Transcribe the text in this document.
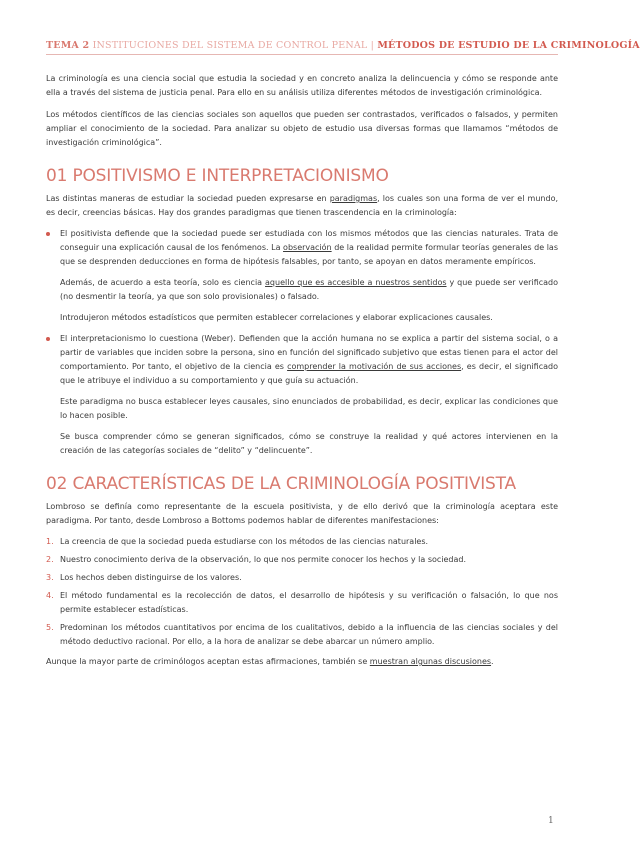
TEMA 2 INSTITUCIONES DEL SISTEMA DE CONTROL PENAL | MÉTODOS DE ESTUDIO DE LA CRIMINOLOGÍA

La criminología es una ciencia social que estudia la sociedad y en concreto analiza la delincuencia y cómo se responde ante ella a través del sistema de justicia penal. Para ello en su análisis utiliza diferentes métodos de investigación criminológica.

Los métodos científicos de las ciencias sociales son aquellos que pueden ser contrastados, verificados o falsados, y permiten ampliar el conocimiento de la sociedad. Para analizar su objeto de estudio usa diversas formas que llamamos “métodos de investigación criminológica”.

01 POSITIVISMO E INTERPRETACIONISMO

Las distintas maneras de estudiar la sociedad pueden expresarse en paradigmas, los cuales son una forma de ver el mundo, es decir, creencias básicas. Hay dos grandes paradigmas que tienen trascendencia en la criminología:

El positivista defiende que la sociedad puede ser estudiada con los mismos métodos que las ciencias naturales. Trata de conseguir una explicación causal de los fenómenos. La observación de la realidad permite formular teorías generales de las que se desprenden deducciones en forma de hipótesis falsables, por tanto, se apoyan en datos meramente empíricos.

Además, de acuerdo a esta teoría, solo es ciencia aquello que es accesible a nuestros sentidos y que puede ser verificado (no desmentir la teoría, ya que son solo provisionales) o falsado.

Introdujeron métodos estadísticos que permiten establecer correlaciones y elaborar explicaciones causales.

El interpretacionismo lo cuestiona (Weber). Defienden que la acción humana no se explica a partir del sistema social, o a partir de variables que inciden sobre la persona, sino en función del significado subjetivo que estas tienen para el actor del comportamiento. Por tanto, el objetivo de la ciencia es comprender la motivación de sus acciones, es decir, el significado que le atribuye el individuo a su comportamiento y que guía su actuación.

Este paradigma no busca establecer leyes causales, sino enunciados de probabilidad, es decir, explicar las condiciones que lo hacen posible.

Se busca comprender cómo se generan significados, cómo se construye la realidad y qué actores intervienen en la creación de las categorías sociales de “delito” y “delincuente”.

02 CARACTERÍSTICAS DE LA CRIMINOLOGÍA POSITIVISTA

Lombroso se definía como representante de la escuela positivista, y de ello derivó que la criminología aceptara este paradigma. Por tanto, desde Lombroso a Bottoms podemos hablar de diferentes manifestaciones:

1. La creencia de que la sociedad pueda estudiarse con los métodos de las ciencias naturales.

2. Nuestro conocimiento deriva de la observación, lo que nos permite conocer los hechos y la sociedad.

3. Los hechos deben distinguirse de los valores.

4. El método fundamental es la recolección de datos, el desarrollo de hipótesis y su verificación o falsación, lo que nos permite establecer estadísticas.

5. Predominan los métodos cuantitativos por encima de los cualitativos, debido a la influencia de las ciencias sociales y del método deductivo racional. Por ello, a la hora de analizar se debe abarcar un número amplio.

Aunque la mayor parte de criminólogos aceptan estas afirmaciones, también se muestran algunas discusiones.

1
